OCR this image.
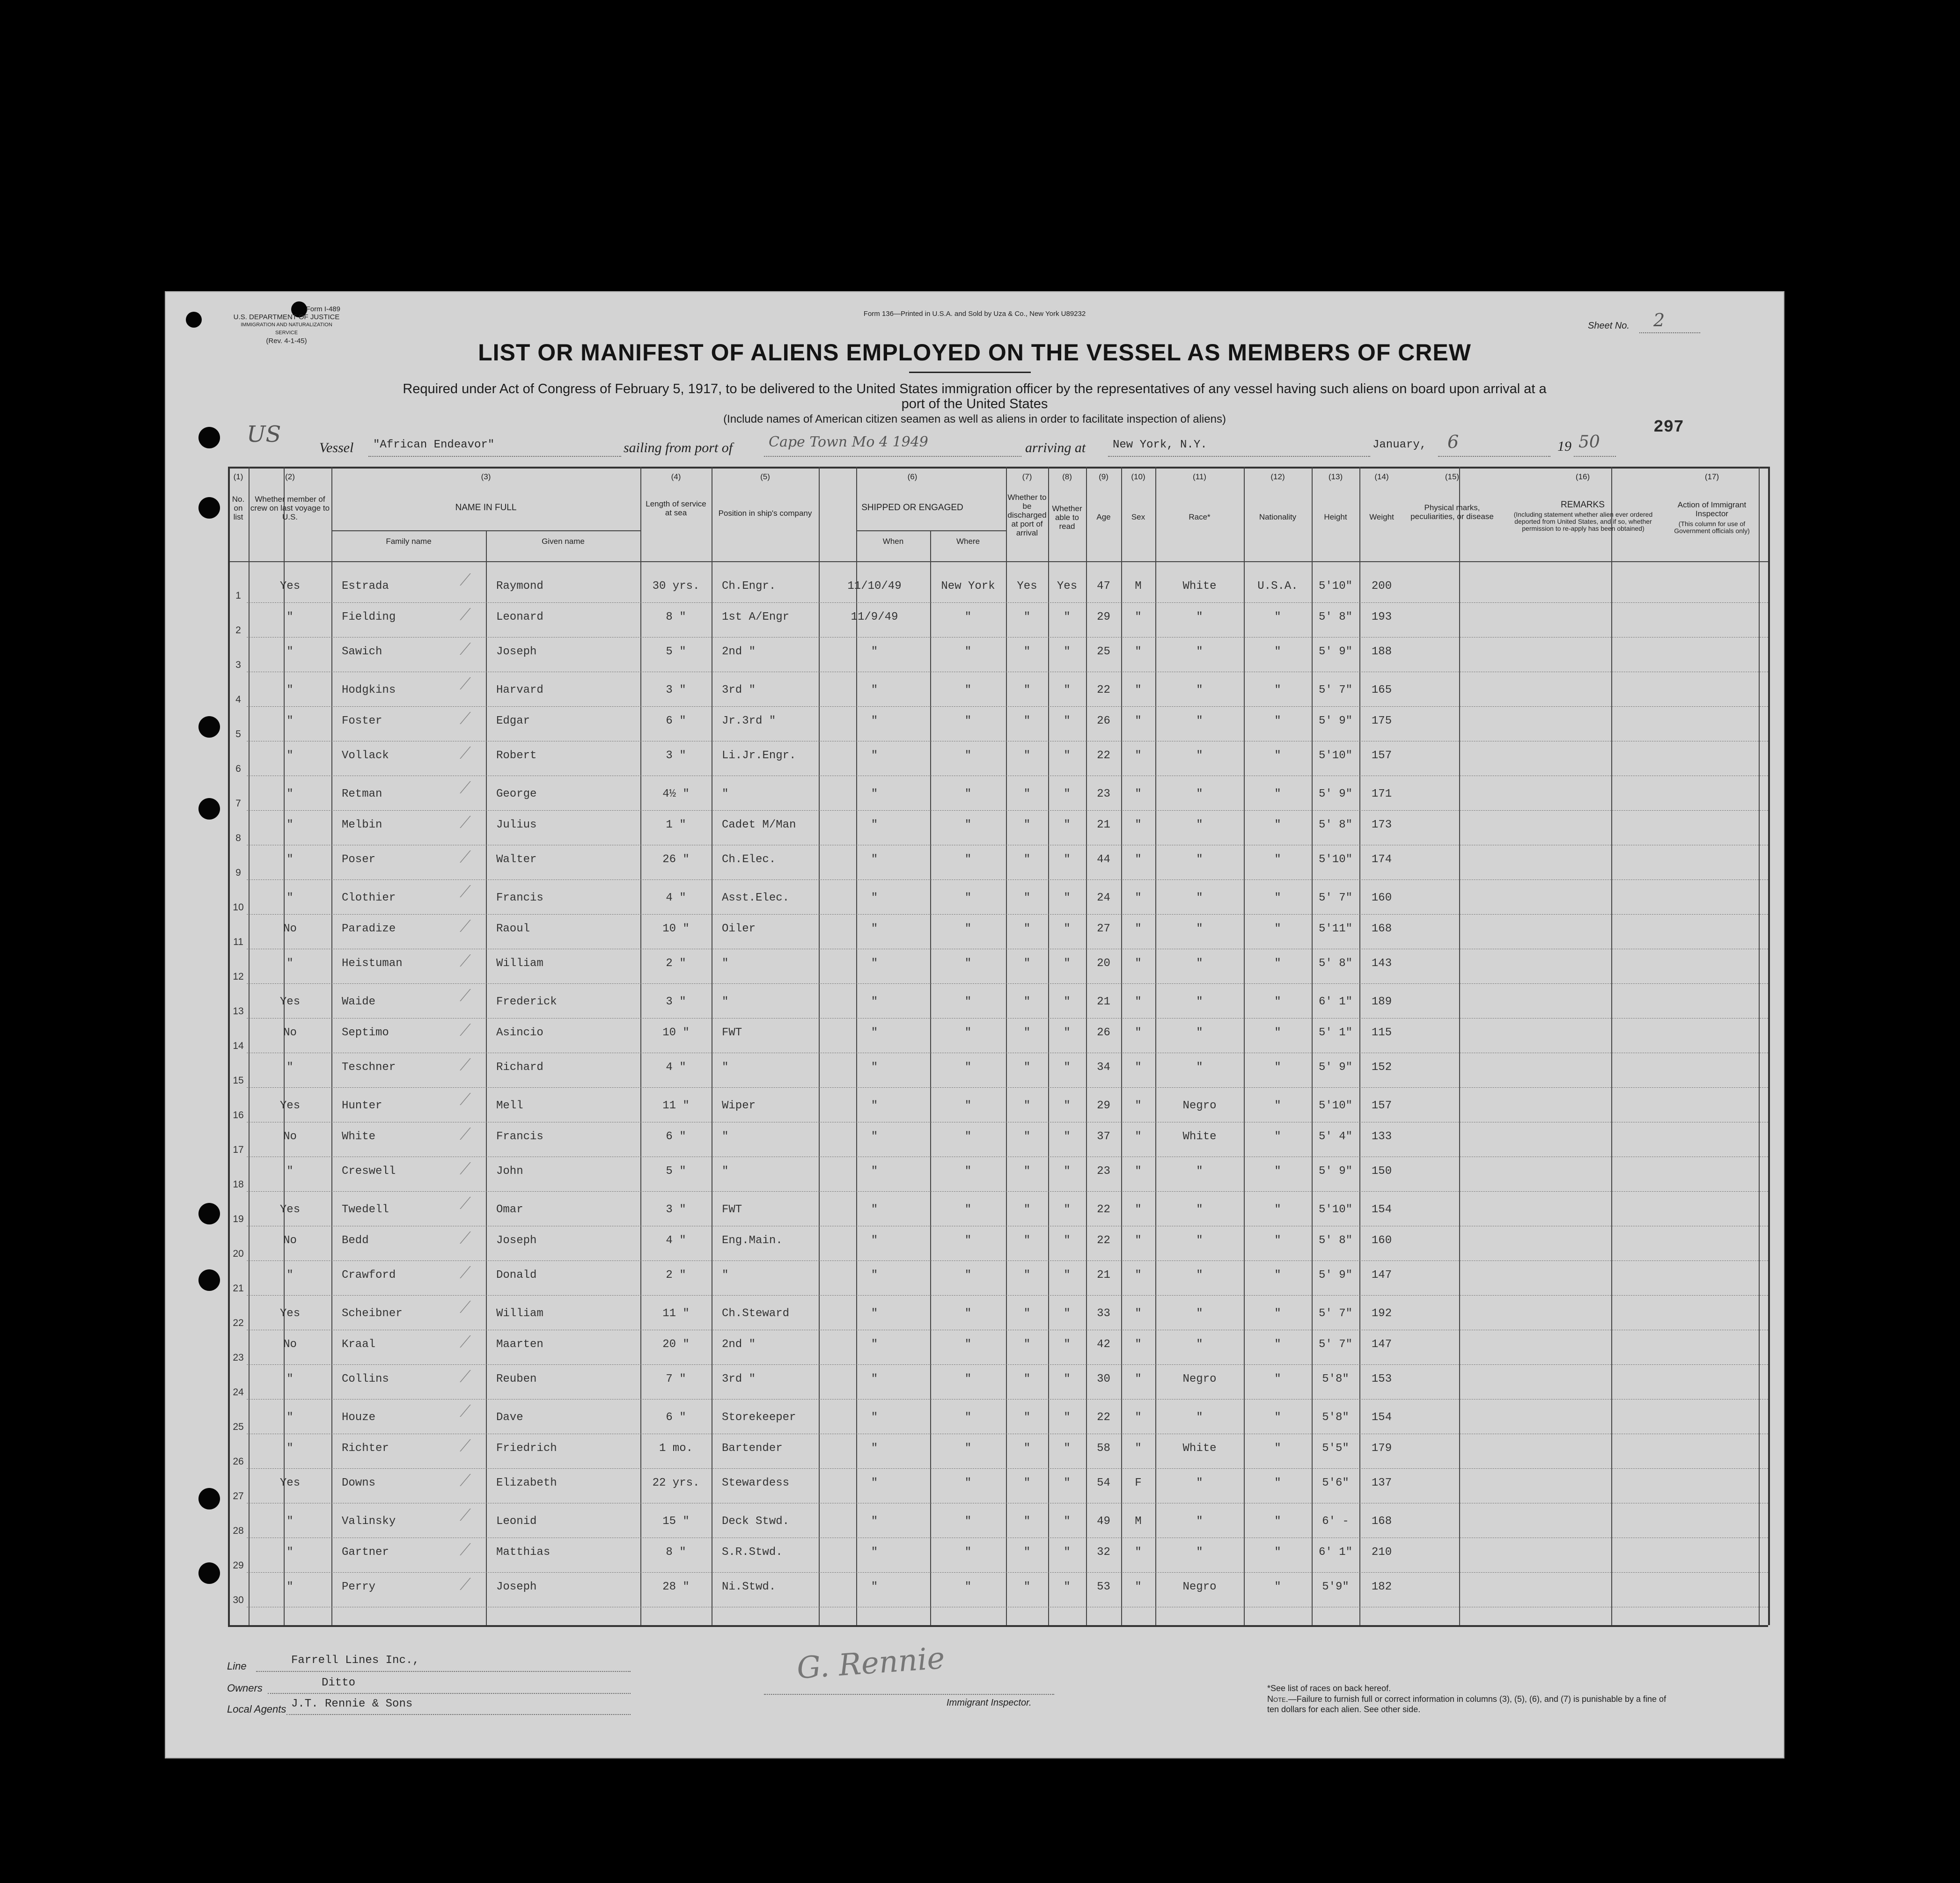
Form I-489
U.S. DEPARTMENT OF JUSTICE
IMMIGRATION AND NATURALIZATION SERVICE
(Rev. 4-1-45)
Form 136—Printed in U.S.A. and Sold by Uza & Co., New York U89232
Sheet No. 2
LIST OR MANIFEST OF ALIENS EMPLOYED ON THE VESSEL AS MEMBERS OF CREW
Required under Act of Congress of February 5, 1917, to be delivered to the United States immigration officer by the representatives of any vessel having such aliens on board upon arrival at a
port of the United States
(Include names of American citizen seamen as well as aliens in order to facilitate inspection of aliens)	297
US
Vessel "African Endeavor"	sailing from port of	Cape Town Mo 4 1949	arriving at New York, N.Y.	January, 6	19 50
(1)
No. on list
(2)
Whether member of crew on last voyage to U.S.
(3)
NAME IN FULL
(4)
Length of service at sea
(5)
Position in ship's company
(6)
SHIPPED OR ENGAGED
(7)
Whether to be discharged at port of arrival
(8)
Whether able to read
(9)
Age
(10)
Sex
(11)
Race*
(12)
Nationality
(13)
Height
(14)
Weight
(15)
Physical marks, peculiarities, or disease
(16)
REMARKS
(17)
Action of Immigrant Inspector
Family name	Given name	When	Where
(Including statement whether alien ever ordered deported from United States, and if so, whether permission to re-apply has been obtained)
(This column for use of Government officials only)
1
Yes	Estrada	Raymond	30 yrs.	Ch.Engr.	11/10/49	New York	Yes	Yes	47	M	White	U.S.A.	5'10"	200
2
"	Fielding	Leonard	8 "	1st A/Engr	11/9/49	"	"	"	29	"	"	"	5' 8"	193
3
"	Sawich	Joseph	5 "	2nd "	"	"	"	"	25	"	"	"	5' 9"	188
4
"	Hodgkins	Harvard	3 "	3rd "	"	"	"	"	22	"	"	"	5' 7"	165
5
"	Foster	Edgar	6 "	Jr.3rd "	"	"	"	"	26	"	"	"	5' 9"	175
6
"	Vollack	Robert	3 "	Li.Jr.Engr.	"	"	"	"	22	"	"	"	5'10"	157
7
"	Retman	George	4½ "	"	"	"	"	"	23	"	"	"	5' 9"	171
8
"	Melbin	Julius	1 "	Cadet M/Man	"	"	"	"	21	"	"	"	5' 8"	173
9
"	Poser	Walter	26 "	Ch.Elec.	"	"	"	"	44	"	"	"	5'10"	174
10
"	Clothier	Francis	4 "	Asst.Elec.	"	"	"	"	24	"	"	"	5' 7"	160
11
No	Paradize	Raoul	10 "	Oiler	"	"	"	"	27	"	"	"	5'11"	168
12
"	Heistuman	William	2 "	"	"	"	"	"	20	"	"	"	5' 8"	143
13
Yes	Waide	Frederick	3 "	"	"	"	"	"	21	"	"	"	6' 1"	189
14
No	Septimo	Asincio	10 "	FWT	"	"	"	"	26	"	"	"	5' 1"	115
15
"	Teschner	Richard	4 "	"	"	"	"	"	34	"	"	"	5' 9"	152
16
Yes	Hunter	Mell	11 "	Wiper	"	"	"	"	29	"	Negro	"	5'10"	157
17
No	White	Francis	6 "	"	"	"	"	"	37	"	White	"	5' 4"	133
18
"	Creswell	John	5 "	"	"	"	"	"	23	"	"	"	5' 9"	150
19
Yes	Twedell	Omar	3 "	FWT	"	"	"	"	22	"	"	"	5'10"	154
20
No	Bedd	Joseph	4 "	Eng.Main.	"	"	"	"	22	"	"	"	5' 8"	160
21
"	Crawford	Donald	2 "	"	"	"	"	"	21	"	"	"	5' 9"	147
22
Yes	Scheibner	William	11 "	Ch.Steward	"	"	"	"	33	"	"	"	5' 7"	192
23
No	Kraal	Maarten	20 "	2nd "	"	"	"	"	42	"	"	"	5' 7"	147
24
"	Collins	Reuben	7 "	3rd "	"	"	"	"	30	"	Negro	"	5'8"	153
25
"	Houze	Dave	6 "	Storekeeper	"	"	"	"	22	"	"	"	5'8"	154
26
"	Richter	Friedrich	1 mo.	Bartender	"	"	"	"	58	"	White	"	5'5"	179
27
Yes	Downs	Elizabeth	22 yrs.	Stewardess	"	"	"	"	54	F	"	"	5'6"	137
28
"	Valinsky	Leonid	15 "	Deck Stwd.	"	"	"	"	49	M	"	"	6' -	168
29
"	Gartner	Matthias	8 "	S.R.Stwd.	"	"	"	"	32	"	"	"	6' 1"	210
30
"	Perry	Joseph	28 "	Ni.Stwd.	"	"	"	"	53	"	Negro	"	5'9"	182
Line	Farrell Lines Inc.,
Owners	Ditto
Local Agents J.T. Rennie & Sons
G. Rennie
Immigrant Inspector.
*See list of races on back hereof.
Note.—Failure to furnish full or correct information in columns (3), (5), (6), and (7) is punishable by a fine of ten dollars for each alien. See other side.
